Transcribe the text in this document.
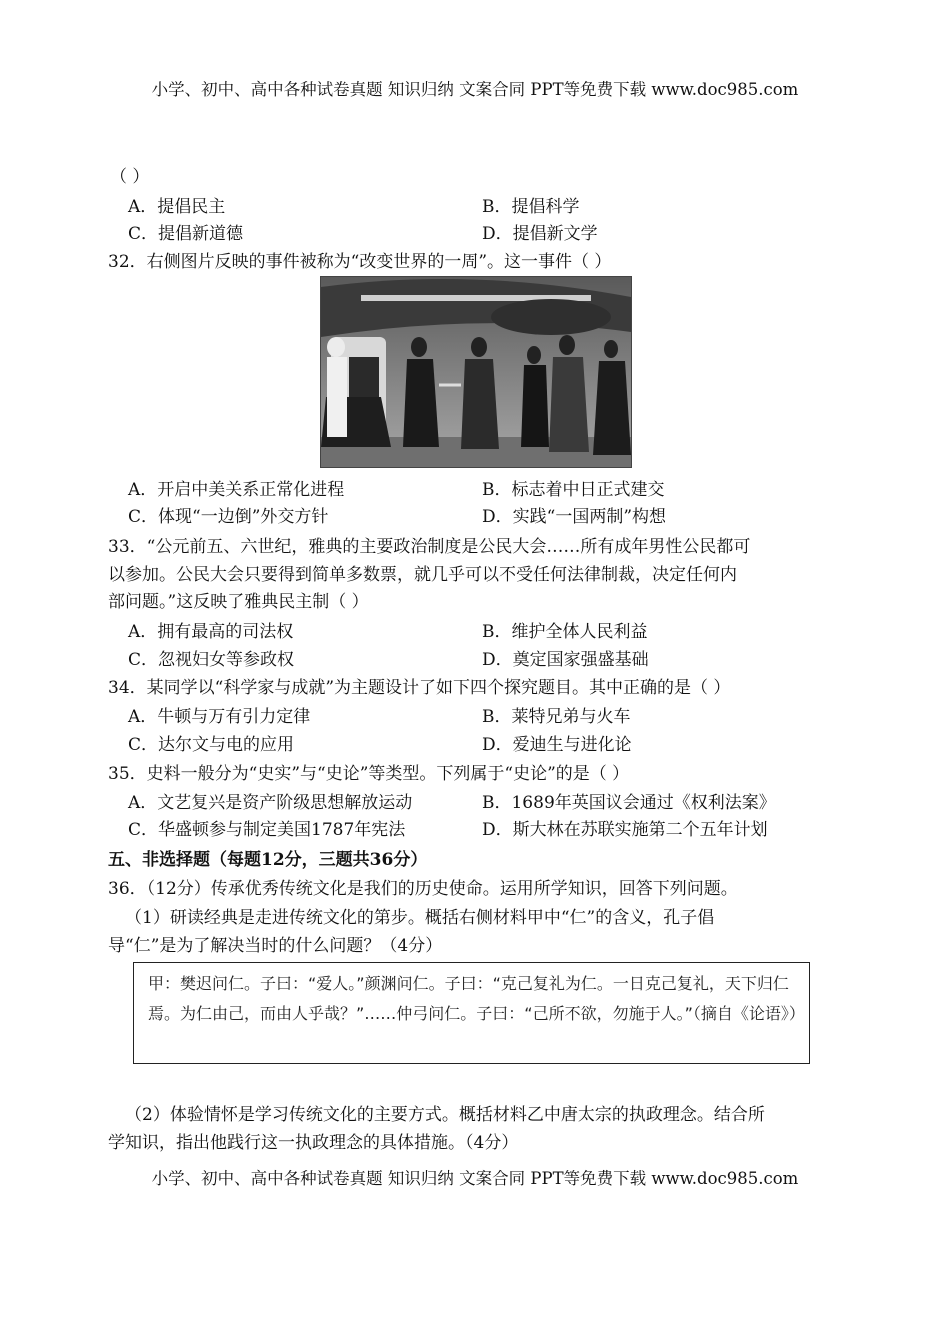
小学、初中、高中各种试卷真题 知识归纳 文案合同 PPT等免费下载 www.doc985.com
（ ）
A．提倡民主	B．提倡科学
C．提倡新道德	D．提倡新文学
32．右侧图片反映的事件被称为“改变世界的一周”。这一事件（ ）
A．开启中美关系正常化进程	B．标志着中日正式建交
C．体现“一边倒”外交方针	D．实践“一国两制”构想
33．“公元前五、六世纪，雅典的主要政治制度是公民大会……所有成年男性公民都可
以参加。公民大会只要得到简单多数票，就几乎可以不受任何法律制裁，决定任何内
部问题。”这反映了雅典民主制（ ）
A．拥有最高的司法权	B．维护全体人民利益
C．忽视妇女等参政权	D．奠定国家强盛基础
34．某同学以“科学家与成就”为主题设计了如下四个探究题目。其中正确的是（ ）
A．牛顿与万有引力定律	B．莱特兄弟与火车
C．达尔文与电的应用	D．爱迪生与进化论
35．史料一般分为“史实”与“史论”等类型。下列属于“史论”的是（ ）
A．文艺复兴是资产阶级思想解放运动	B．1689年英国议会通过《权利法案》
C．华盛顿参与制定美国1787年宪法	D．斯大林在苏联实施第二个五年计划
五、非选择题（每题12分，三题共36分）
36．（12分）传承优秀传统文化是我们的历史使命。运用所学知识，回答下列问题。
（1）研读经典是走进传统文化的第步。概括右侧材料甲中“仁”的含义，孔子倡
导“仁”是为了解决当时的什么问题？（4分）
甲：樊迟问仁。子曰：“爱人。”颜渊问仁。子曰：“克己复礼为仁。一日克己复礼，天下归仁焉。为仁由己，而由人乎哉？”……仲弓问仁。子曰：“己所不欲，勿施于人。”（摘自《论语》）
（2）体验情怀是学习传统文化的主要方式。概括材料乙中唐太宗的执政理念。结合所
学知识，指出他践行这一执政理念的具体措施。（4分）
小学、初中、高中各种试卷真题 知识归纳 文案合同 PPT等免费下载 www.doc985.com
